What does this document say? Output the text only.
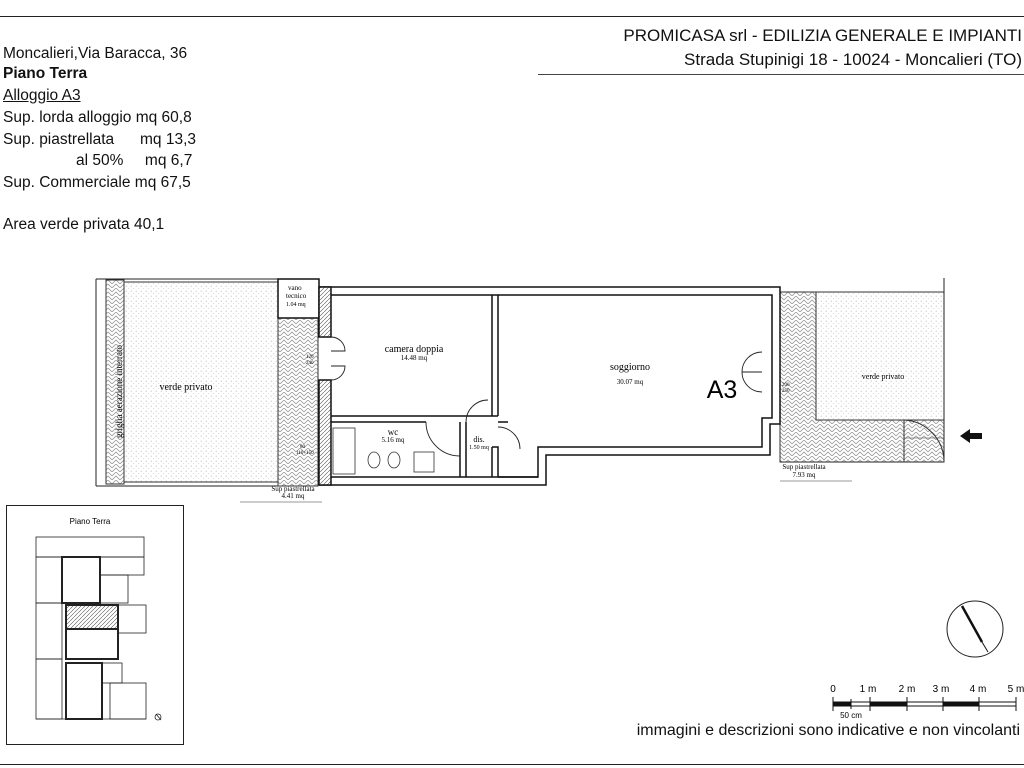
PROMICASA srl - EDILIZIA GENERALE E IMPIANTI
Strada Stupinigi 18 - 10024 - Moncalieri (TO)
Moncalieri,Via Baracca, 36
Piano Terra
Alloggio A3
Sup. lorda alloggio mq 60,8
Sup. piastrellata      mq 13,3
al 50%     mq 6,7
Sup. Commerciale mq 67,5
Area verde privata 40,1
vano
tecnico
1.04 mq
camera doppia
14.48 mq
soggiorno
30.07 mq
wc
5.16 mq	dis.
1.50 mq
A3
verde privato
verde privato
griglia aerazione interrato
Sup piastrellata
4.41 mq
Sup piastrellata
7.93 mq
120
240
80
110+150
200
250
Piano Terra
0 1 m 2 m 3 m 4 m 5 m
50 cm
immagini e descrizioni sono indicative e non vincolanti
